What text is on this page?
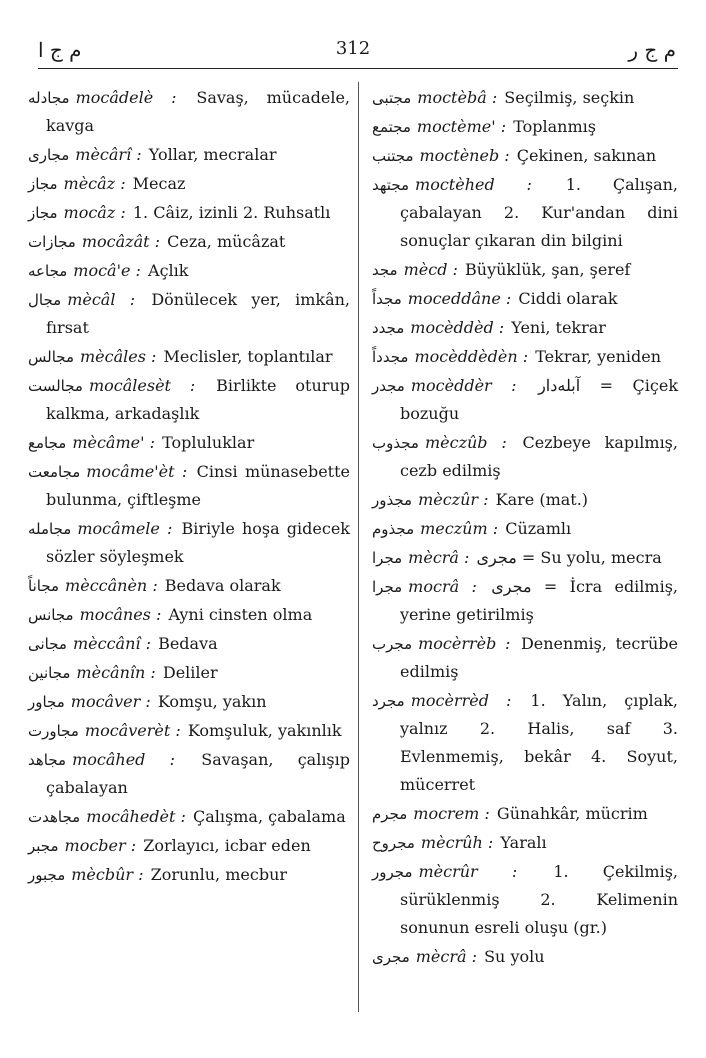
م ج ا	312	م ج ر
مجادله mocâdelè : Savaş, mücadele, kavga
مجاری mècârî : Yollar, mecralar
مجاز mècâz : Mecaz
مجاز mocâz : 1. Câiz, izinli 2. Ruhsatlı
مجازات mocâzât : Ceza, mücâzat
مجاعه mocâ'e : Açlık
مجال mècâl : Dönülecek yer, imkân, fırsat
مجالس mècâles : Meclisler, toplantılar
مجالست mocâlesèt : Birlikte oturup kalkma, arkadaşlık
مجامع mècâme' : Topluluklar
مجامعت mocâme'èt : Cinsi münasebette bulunma, çiftleşme
مجامله mocâmele : Biriyle hoşa gidecek sözler söyleşmek
مجاناً mèccânèn : Bedava olarak
مجانس mocânes : Ayni cinsten olma
مجانی mèccânî : Bedava
مجانین mècânîn : Deliler
مجاور mocâver : Komşu, yakın
مجاورت mocâverèt : Komşuluk, yakınlık
مجاهد mocâhed : Savaşan, çalışıp çabalayan
مجاهدت mocâhedèt : Çalışma, çabalama
مجبر mocber : Zorlayıcı, icbar eden
مجبور mècbûr : Zorunlu, mecbur
مجتبی moctèbâ : Seçilmiş, seçkin
مجتمع moctème' : Toplanmış
مجتنب moctèneb : Çekinen, sakınan
مجتهد moctèhed : 1. Çalışan, çabalayan 2. Kur'andan dini sonuçlar çıkaran din bilgini
مجد mècd : Büyüklük, şan, şeref
مجداً moceddâne : Ciddi olarak
مجدد mocèddèd : Yeni, tekrar
مجدداً mocèddèdèn : Tekrar, yeniden
مجدر mocèddèr : آبله‌دار = Çiçek bozuğu
مجذوب mèczûb : Cezbeye kapılmış, cezb edilmiş
مجذور mèczûr : Kare (mat.)
مجذوم meczûm : Cüzamlı
مجرا mècrâ : مجری = Su yolu, mecra
مجرا mocrâ : مجری = İcra edilmiş, yerine getirilmiş
مجرب mocèrrèb : Denenmiş, tecrübe edilmiş
مجرد mocèrrèd : 1. Yalın, çıplak, yalnız 2. Halis, saf 3. Evlenmemiş, bekâr 4. Soyut, mücerret
مجرم mocrem : Günahkâr, mücrim
مجروح mècrûh : Yaralı
مجرور mècrûr : 1. Çekilmiş, sürüklenmiş 2. Kelimenin sonunun esreli oluşu (gr.)
مجری mècrâ : Su yolu
